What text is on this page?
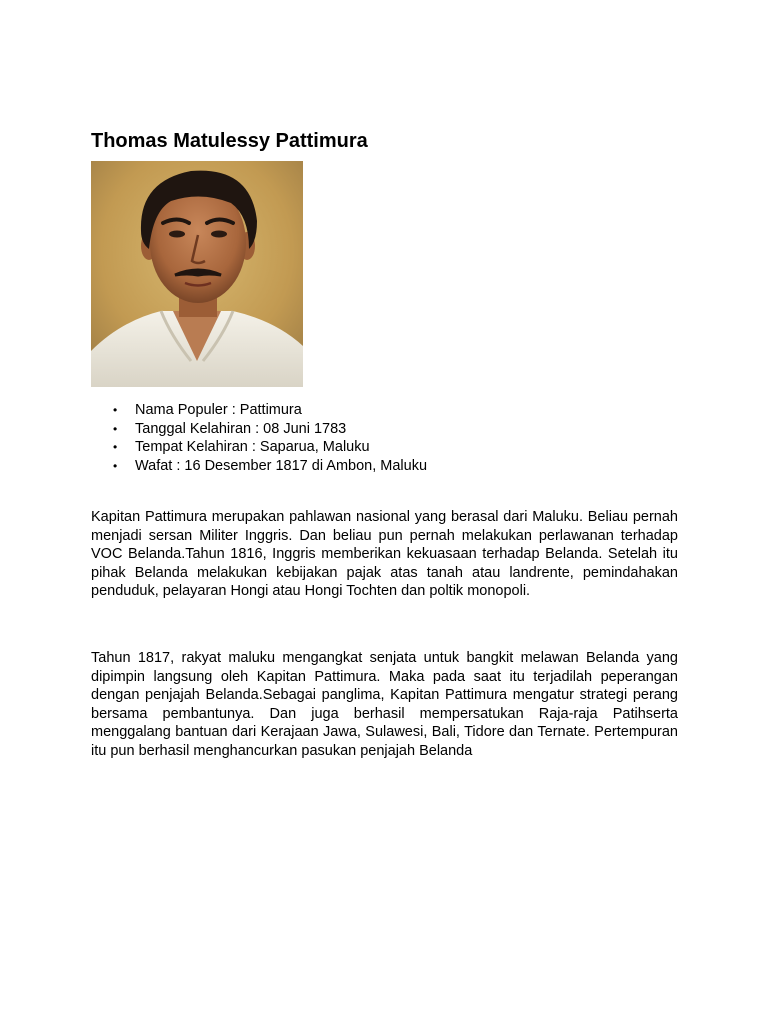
Thomas Matulessy Pattimura
• Nama Populer : Pattimura
• Tanggal Kelahiran : 08 Juni 1783
• Tempat Kelahiran : Saparua, Maluku
• Wafat : 16 Desember 1817 di Ambon, Maluku

Kapitan Pattimura merupakan pahlawan nasional yang berasal dari Maluku. Beliau pernah menjadi sersan Militer Inggris. Dan beliau pun pernah melakukan perlawanan terhadap VOC Belanda.Tahun 1816, Inggris memberikan kekuasaan terhadap Belanda. Setelah itu pihak Belanda melakukan kebijakan pajak atas tanah atau landrente, pemindahakan penduduk, pelayaran Hongi atau Hongi Tochten dan poltik monopoli.

Tahun 1817, rakyat maluku mengangkat senjata untuk bangkit melawan Belanda yang dipimpin langsung oleh Kapitan Pattimura. Maka pada saat itu terjadilah peperangan dengan penjajah Belanda.Sebagai panglima, Kapitan Pattimura mengatur strategi perang bersama pembantunya. Dan juga berhasil mempersatukan Raja-raja Patihserta menggalang bantuan dari Kerajaan Jawa, Sulawesi, Bali, Tidore dan Ternate. Pertempuran itu pun berhasil menghancurkan pasukan penjajah Belanda
